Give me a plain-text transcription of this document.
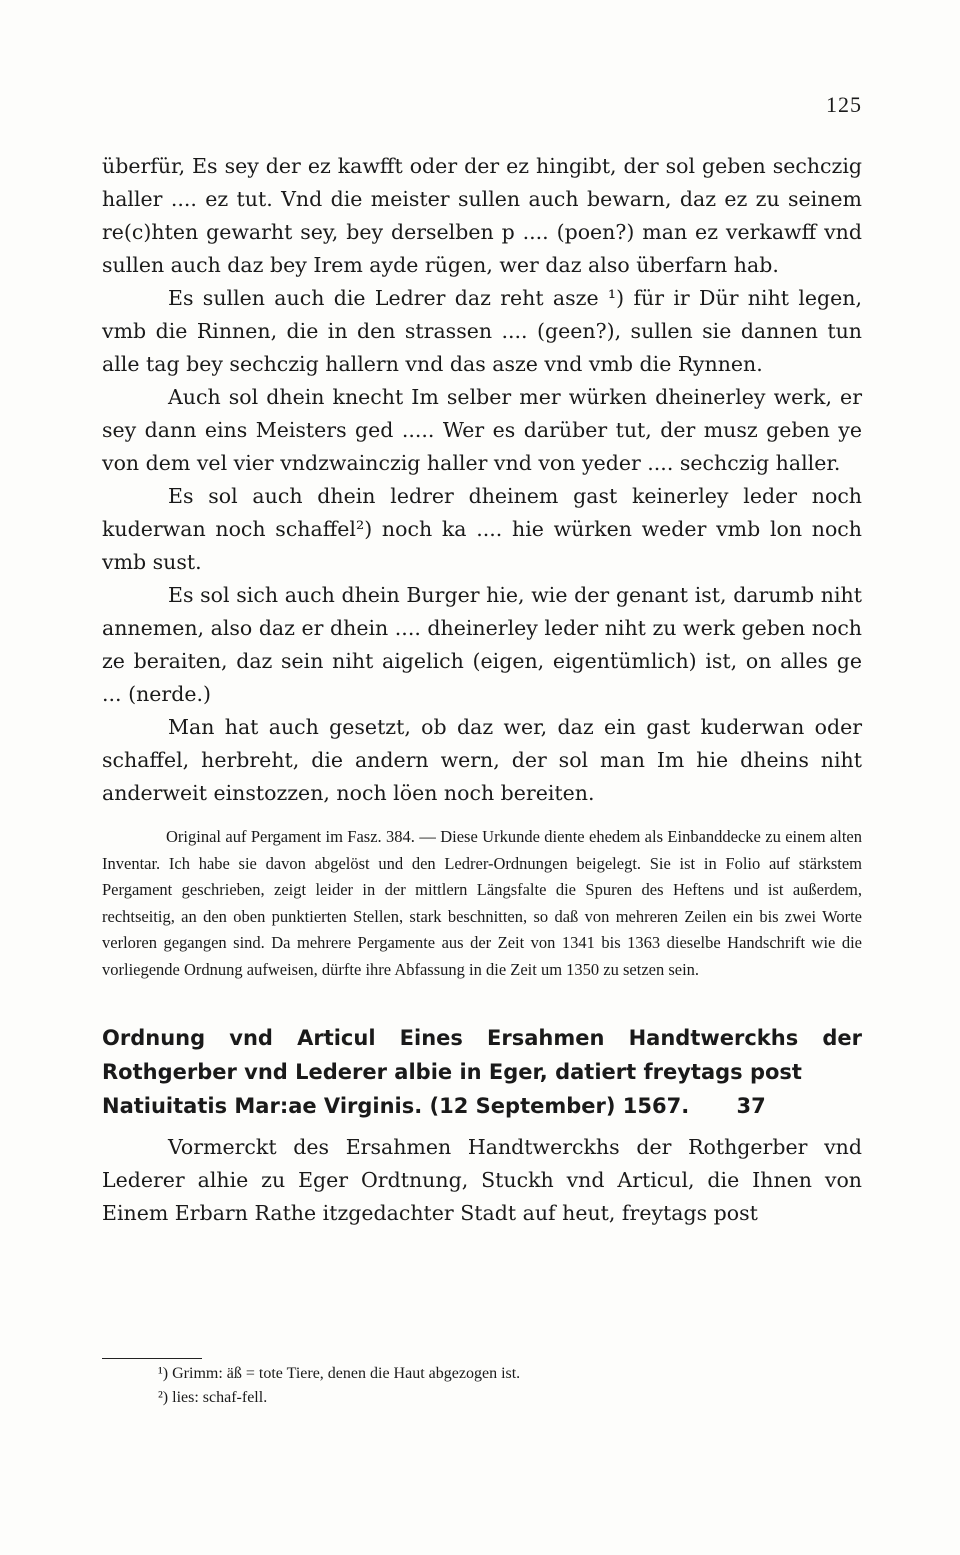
125

überfür, Es sey der ez kawfft oder der ez hingibt, der sol geben sechczig haller .... ez tut. Vnd die meister sullen auch bewarn, daz ez zu seinem re(c)hten gewarht sey, bey derselben p .... (poen?) man ez verkawff vnd sullen auch daz bey Irem ayde rügen, wer daz also überfarn hab.

Es sullen auch die Ledrer daz reht asze ¹) für ir Dür niht legen, vmb die Rinnen, die in den strassen .... (geen?), sullen sie dannen tun alle tag bey sechczig hallern vnd das asze vnd vmb die Rynnen.

Auch sol dhein knecht Im selber mer würken dheinerley werk, er sey dann eins Meisters ged ..... Wer es darüber tut, der musz geben ye von dem vel vier vndzwainczig haller vnd von yeder .... sechczig haller.

Es sol auch dhein ledrer dheinem gast keinerley leder noch kuderwan noch schaffel²) noch ka .... hie würken weder vmb lon noch vmb sust.

Es sol sich auch dhein Burger hie, wie der genant ist, darumb niht annemen, also daz er dhein .... dheinerley leder niht zu werk geben noch ze beraiten, daz sein niht aigelich (eigen, eigentümlich) ist, on alles ge ... (nerde.)

Man hat auch gesetzt, ob daz wer, daz ein gast kuderwan oder schaffel, herbreht, die andern wern, der sol man Im hie dheins niht anderweit einstozzen, noch löen noch bereiten.

Original auf Pergament im Fasz. 384. — Diese Urkunde diente ehedem als Einbanddecke zu einem alten Inventar. Ich habe sie davon abgelöst und den Ledrer-Ordnungen beigelegt. Sie ist in Folio auf stärkstem Pergament geschrieben, zeigt leider in der mittlern Längsfalte die Spuren des Heftens und ist außerdem, rechtseitig, an den oben punktierten Stellen, stark beschnitten, so daß von mehreren Zeilen ein bis zwei Worte verloren gegangen sind. Da mehrere Pergamente aus der Zeit von 1341 bis 1363 dieselbe Handschrift wie die vorliegende Ordnung aufweisen, dürfte ihre Abfassung in die Zeit um 1350 zu setzen sein.

Ordnung vnd Articul Eines Ersahmen Handtwerckhs der Rothgerber vnd Lederer albie in Eger, datiert freytags post
Natiuitatis Mar:ae Virginis. (12 September) 1567. 37

Vormerckt des Ersahmen Handtwerckhs der Rothgerber vnd Lederer alhie zu Eger Ordtnung, Stuckh vnd Articul, die Ihnen von Einem Erbarn Rathe itzgedachter Stadt auf heut, freytags post

¹) Grimm: äß = tote Tiere, denen die Haut abgezogen ist.

²) lies: schaf-fell.
